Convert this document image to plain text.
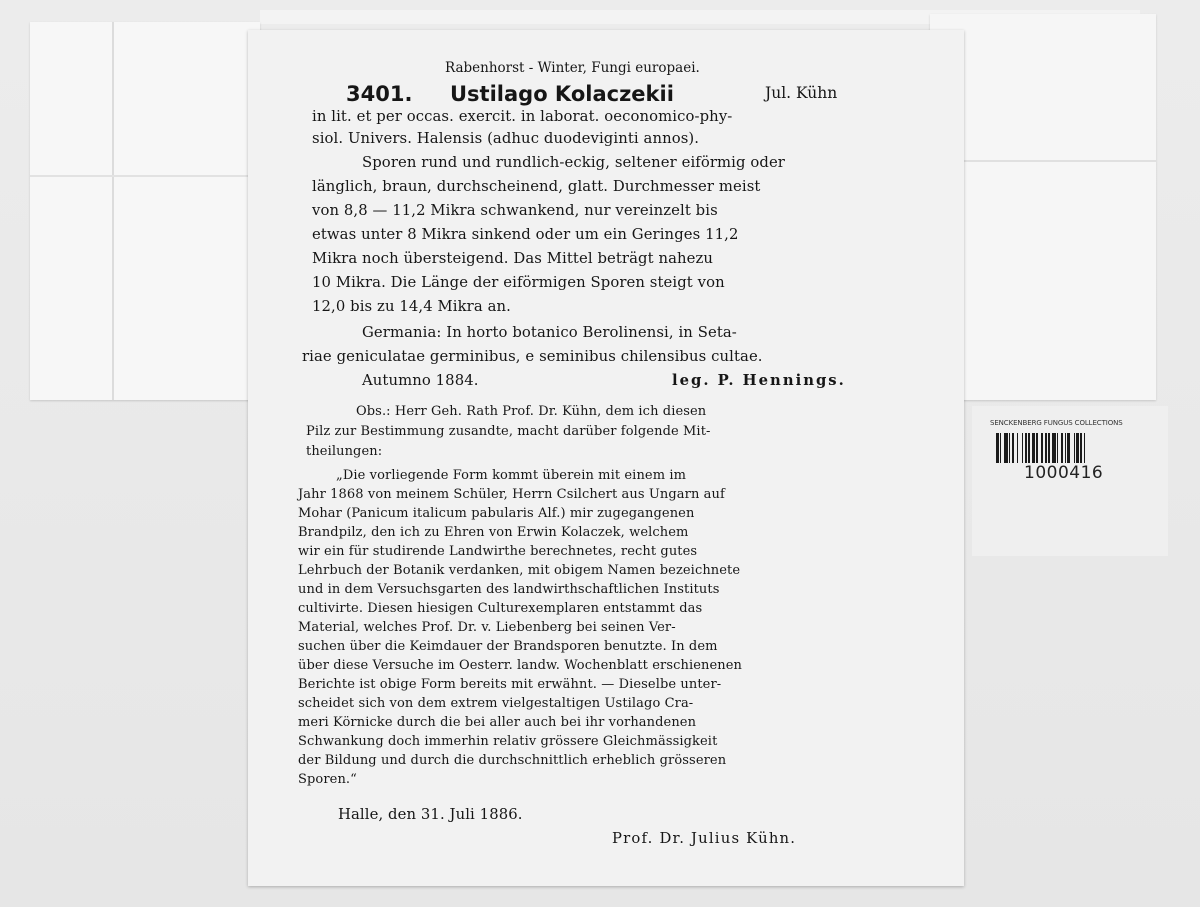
Rabenhorst - Winter, Fungi europaei.
3401. Ustilago Kolaczekii	Jul. Kühn
in lit. et per occas. exercit. in laborat. oeconomico-phy-
siol. Univers. Halensis (adhuc duodeviginti annos).
Sporen rund und rundlich-eckig, seltener eiförmig oder
länglich, braun, durchscheinend, glatt. Durchmesser meist
von 8,8 — 11,2 Mikra schwankend, nur vereinzelt bis
etwas unter 8 Mikra sinkend oder um ein Geringes 11,2
Mikra noch übersteigend. Das Mittel beträgt nahezu
10 Mikra. Die Länge der eiförmigen Sporen steigt von
12,0 bis zu 14,4 Mikra an.
Germania: In horto botanico Berolinensi, in Seta-
riae geniculatae germinibus, e seminibus chilensibus cultae.
Autumno 1884.	leg. P. Hennings.
Obs.: Herr Geh. Rath Prof. Dr. Kühn, dem ich diesen
Pilz zur Bestimmung zusandte, macht darüber folgende Mit-
theilungen:
„Die vorliegende Form kommt überein mit einem im
Jahr 1868 von meinem Schüler, Herrn Csilchert aus Ungarn auf
Mohar (Panicum italicum pabularis Alf.) mir zugegangenen
Brandpilz, den ich zu Ehren von Erwin Kolaczek, welchem
wir ein für studirende Landwirthe berechnetes, recht gutes
Lehrbuch der Botanik verdanken, mit obigem Namen bezeichnete
und in dem Versuchsgarten des landwirthschaftlichen Instituts
cultivirte. Diesen hiesigen Culturexemplaren entstammt das
Material, welches Prof. Dr. v. Liebenberg bei seinen Ver-
suchen über die Keimdauer der Brandsporen benutzte. In dem
über diese Versuche im Oesterr. landw. Wochenblatt erschienenen
Berichte ist obige Form bereits mit erwähnt. — Dieselbe unter-
scheidet sich von dem extrem vielgestaltigen Ustilago Cra-
meri Körnicke durch die bei aller auch bei ihr vorhandenen
Schwankung doch immerhin relativ grössere Gleichmässigkeit
der Bildung und durch die durchschnittlich erheblich grösseren
Sporen.“
Halle, den 31. Juli 1886.
Prof. Dr. Julius Kühn.
SENCKENBERG FUNGUS COLLECTIONS
1000416
